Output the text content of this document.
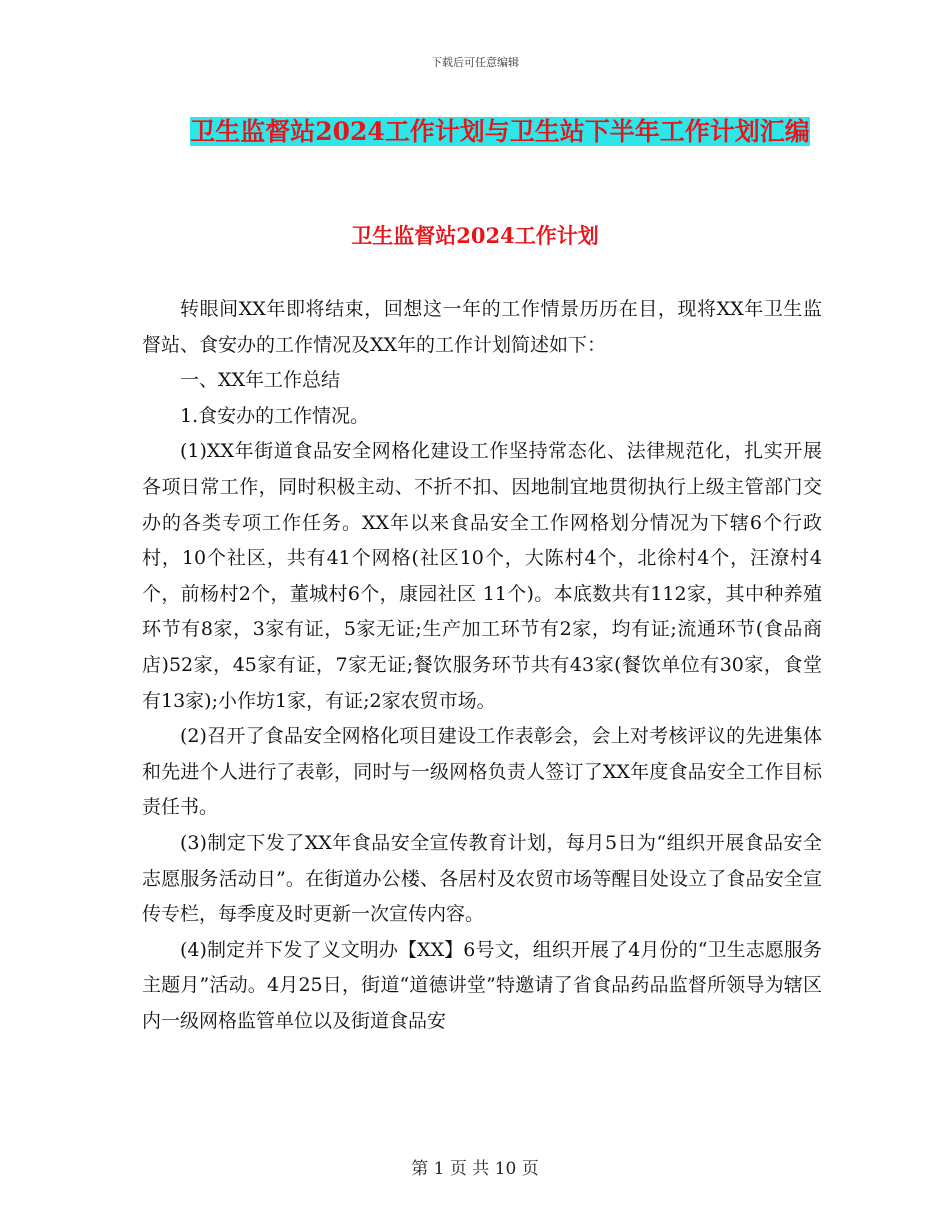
下载后可任意编辑
卫生监督站2024工作计划与卫生站下半年工作计划汇编
卫生监督站2024工作计划

转眼间XX年即将结束，回想这一年的工作情景历历在目，现将XX年卫生监督站、食安办的工作情况及XX年的工作计划简述如下：

一、XX年工作总结

1.食安办的工作情况。

(1)XX年街道食品安全网格化建设工作坚持常态化、法律规范化，扎实开展各项日常工作，同时积极主动、不折不扣、因地制宜地贯彻执行上级主管部门交办的各类专项工作任务。XX年以来食品安全工作网格划分情况为下辖6个行政村，10个社区，共有41个网格(社区10个，大陈村4个，北徐村4个，汪潦村4个，前杨村2个，董城村6个，康园社区 11个)。本底数共有112家，其中种养殖环节有8家，3家有证，5家无证;生产加工环节有2家，均有证;流通环节(食品商店)52家，45家有证，7家无证;餐饮服务环节共有43家(餐饮单位有30家，食堂有13家);小作坊1家，有证;2家农贸市场。

(2)召开了食品安全网格化项目建设工作表彰会，会上对考核评议的先进集体和先进个人进行了表彰，同时与一级网格负责人签订了XX年度食品安全工作目标责任书。

(3)制定下发了XX年食品安全宣传教育计划，每月5日为“组织开展食品安全志愿服务活动日”。在街道办公楼、各居村及农贸市场等醒目处设立了食品安全宣传专栏，每季度及时更新一次宣传内容。

(4)制定并下发了义文明办【XX】6号文，组织开展了4月份的“卫生志愿服务主题月”活动。4月25日，街道“道德讲堂”特邀请了省食品药品监督所领导为辖区内一级网格监管单位以及街道食品安

第 1 页 共 10 页
